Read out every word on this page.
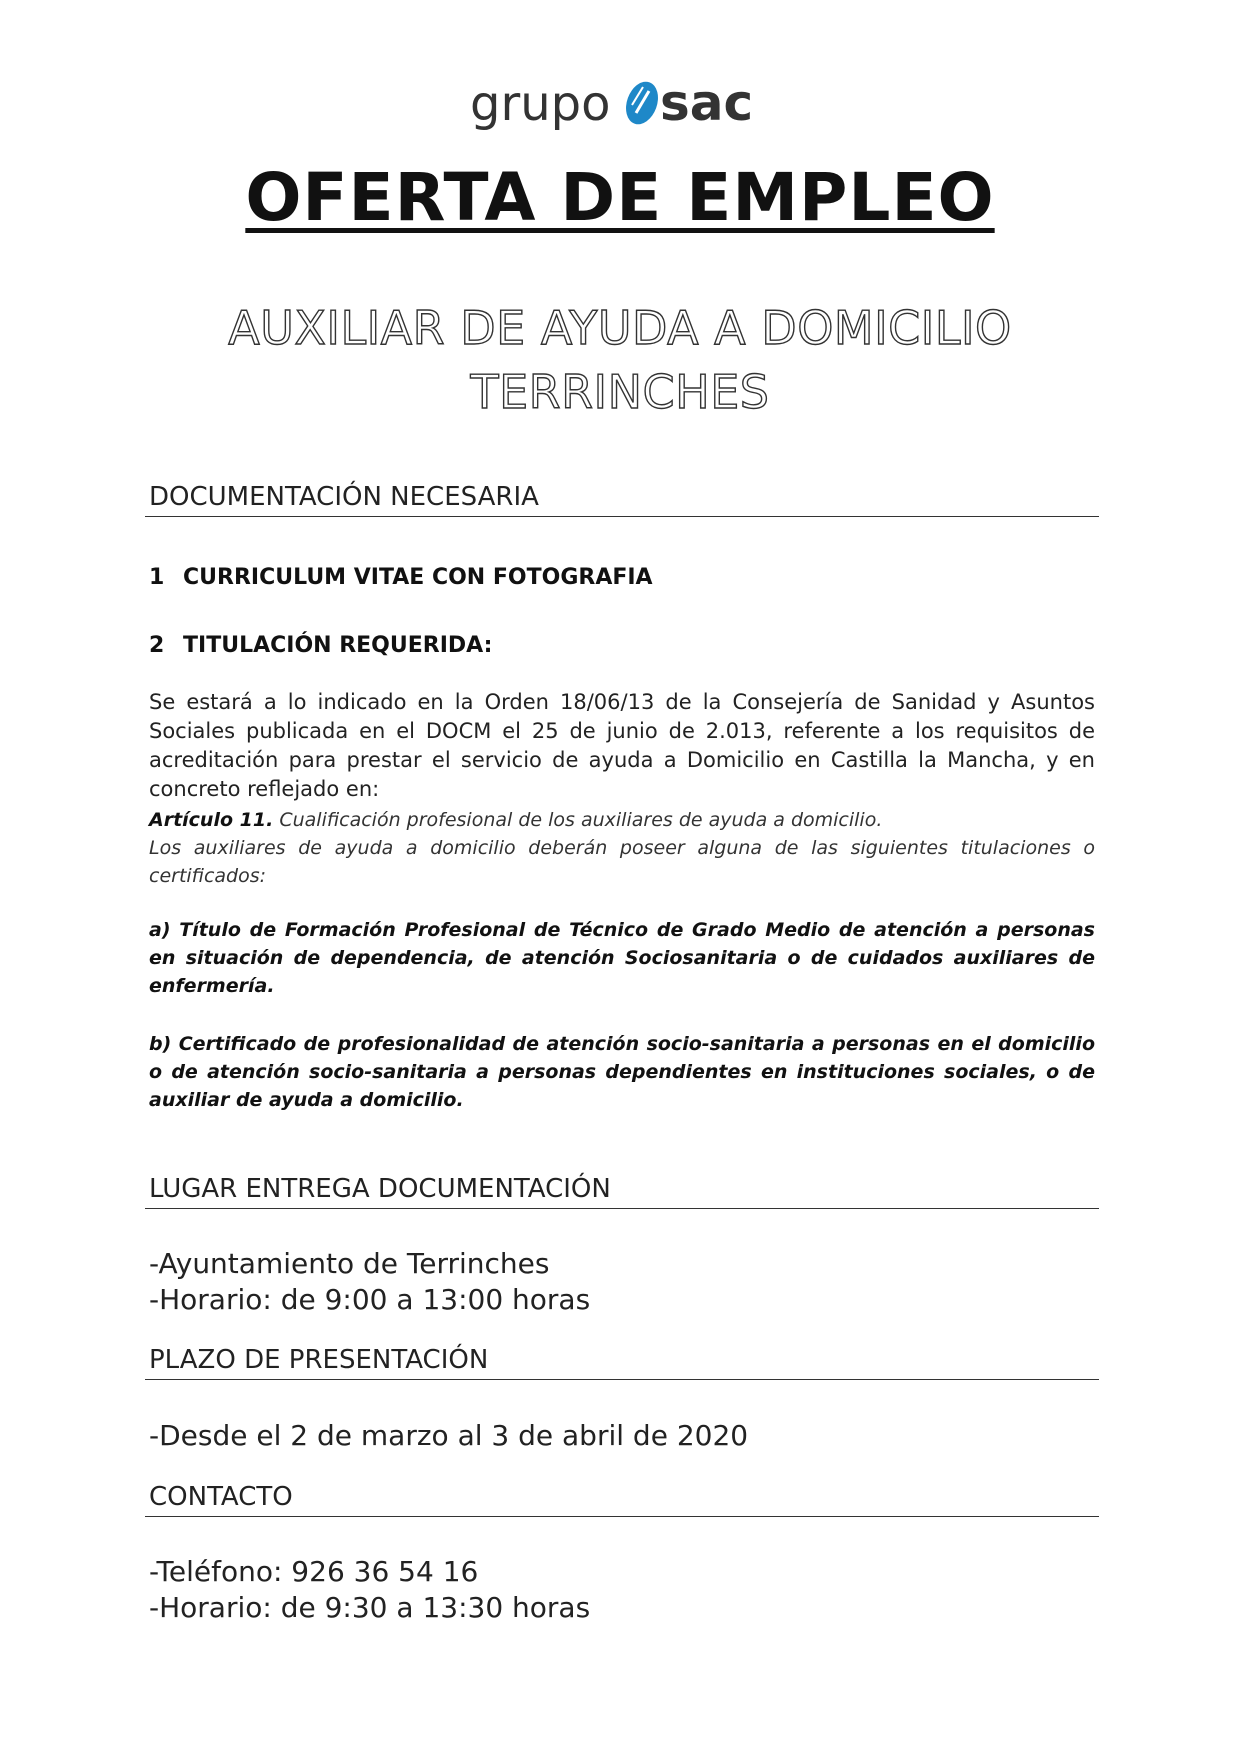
grupo sac
OFERTA DE EMPLEO
AUXILIAR DE AYUDA A DOMICILIO
TERRINCHES
DOCUMENTACIÓN NECESARIA
1 CURRICULUM VITAE CON FOTOGRAFIA
2 TITULACIÓN REQUERIDA:
Se estará a lo indicado en la Orden 18/06/13 de la Consejería de Sanidad y Asuntos Sociales publicada en el DOCM el 25 de junio de 2.013, referente a los requisitos de acreditación para prestar el servicio de ayuda a Domicilio en Castilla la Mancha, y en concreto reflejado en:
Artículo 11. Cualificación profesional de los auxiliares de ayuda a domicilio.
Los auxiliares de ayuda a domicilio deberán poseer alguna de las siguientes titulaciones o certificados:
a) Título de Formación Profesional de Técnico de Grado Medio de atención a personas en situación de dependencia, de atención Sociosanitaria o de cuidados auxiliares de enfermería.
b) Certificado de profesionalidad de atención socio-sanitaria a personas en el domicilio o de atención socio-sanitaria a personas dependientes en instituciones sociales, o de auxiliar de ayuda a domicilio.
LUGAR ENTREGA DOCUMENTACIÓN
-Ayuntamiento de Terrinches
-Horario: de 9:00 a 13:00 horas
PLAZO DE PRESENTACIÓN
-Desde el 2 de marzo al 3 de abril de 2020
CONTACTO
-Teléfono: 926 36 54 16
-Horario: de 9:30 a 13:30 horas
